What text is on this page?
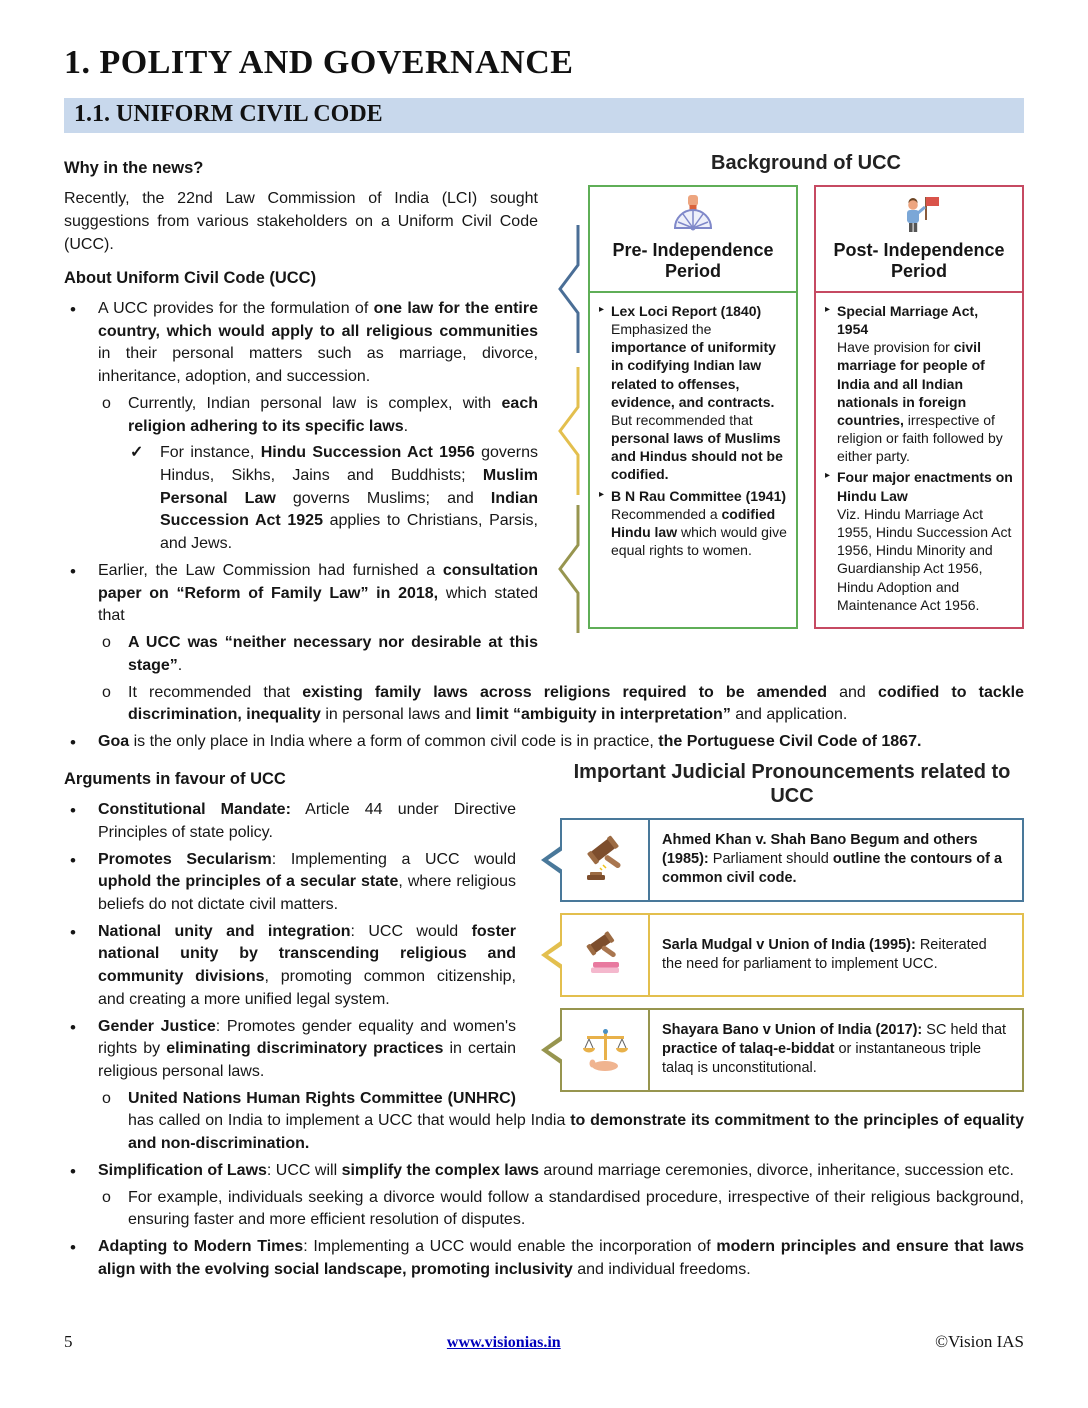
1. POLITY AND GOVERNANCE
1.1. UNIFORM CIVIL CODE
Background of UCC
Pre- Independence Period
▸ Lex Loci Report (1840)
Emphasized the importance of uniformity in codifying Indian law related to offenses, evidence, and contracts. But recommended that personal laws of Muslims and Hindus should not be codified.
▸ B N Rau Committee (1941)
Recommended a codified Hindu law which would give equal rights to women.
Post- Independence Period
▸ Special Marriage Act, 1954
Have provision for civil marriage for people of India and all Indian nationals in foreign countries, irrespective of religion or faith followed by either party.
▸ Four major enactments on Hindu Law
Viz. Hindu Marriage Act 1955, Hindu Succession Act 1956, Hindu Minority and Guardianship Act 1956, Hindu Adoption and Maintenance Act 1956.
Why in the news?

Recently, the 22nd Law Commission of India (LCI) sought suggestions from various stakeholders on a Uniform Civil Code (UCC).

About Uniform Civil Code (UCC)
• A UCC provides for the formulation of one law for the entire country, which would apply to all religious communities in their personal matters such as marriage, divorce, inheritance, adoption, and succession.
o Currently, Indian personal law is complex, with each religion adhering to its specific laws.
✓ For instance, Hindu Succession Act 1956 governs Hindus, Sikhs, Jains and Buddhists; Muslim Personal Law governs Muslims; and Indian Succession Act 1925 applies to Christians, Parsis, and Jews.
• Earlier, the Law Commission had furnished a consultation paper on “Reform of Family Law” in 2018, which stated that
o A UCC was “neither necessary nor desirable at this stage”.
o It recommended that existing family laws across religions required to be amended and codified to tackle discrimination, inequality in personal laws and limit “ambiguity in interpretation” and application.
• Goa is the only place in India where a form of common civil code is in practice, the Portuguese Civil Code of 1867.
Important Judicial Pronouncements related to UCC
Ahmed Khan v. Shah Bano Begum and others (1985): Parliament should outline the contours of a common civil code.
Sarla Mudgal v Union of India (1995): Reiterated the need for parliament to implement UCC.
Shayara Bano v Union of India (2017): SC held that practice of talaq-e-biddat or instantaneous triple talaq is unconstitutional.
Arguments in favour of UCC
• Constitutional Mandate: Article 44 under Directive Principles of state policy.
• Promotes Secularism: Implementing a UCC would uphold the principles of a secular state, where religious beliefs do not dictate civil matters.
• National unity and integration: UCC would foster national unity by transcending religious and community divisions, promoting common citizenship, and creating a more unified legal system.
• Gender Justice: Promotes gender equality and women's rights by eliminating discriminatory practices in certain religious personal laws.
o United Nations Human Rights Committee (UNHRC) has called on India to implement a UCC that would help India to demonstrate its commitment to the principles of equality and non-discrimination.
• Simplification of Laws: UCC will simplify the complex laws around marriage ceremonies, divorce, inheritance, succession etc.
o For example, individuals seeking a divorce would follow a standardised procedure, irrespective of their religious background, ensuring faster and more efficient resolution of disputes.
• Adapting to Modern Times: Implementing a UCC would enable the incorporation of modern principles and ensure that laws align with the evolving social landscape, promoting inclusivity and individual freedoms.
5	www.visionias.in	©Vision IAS
